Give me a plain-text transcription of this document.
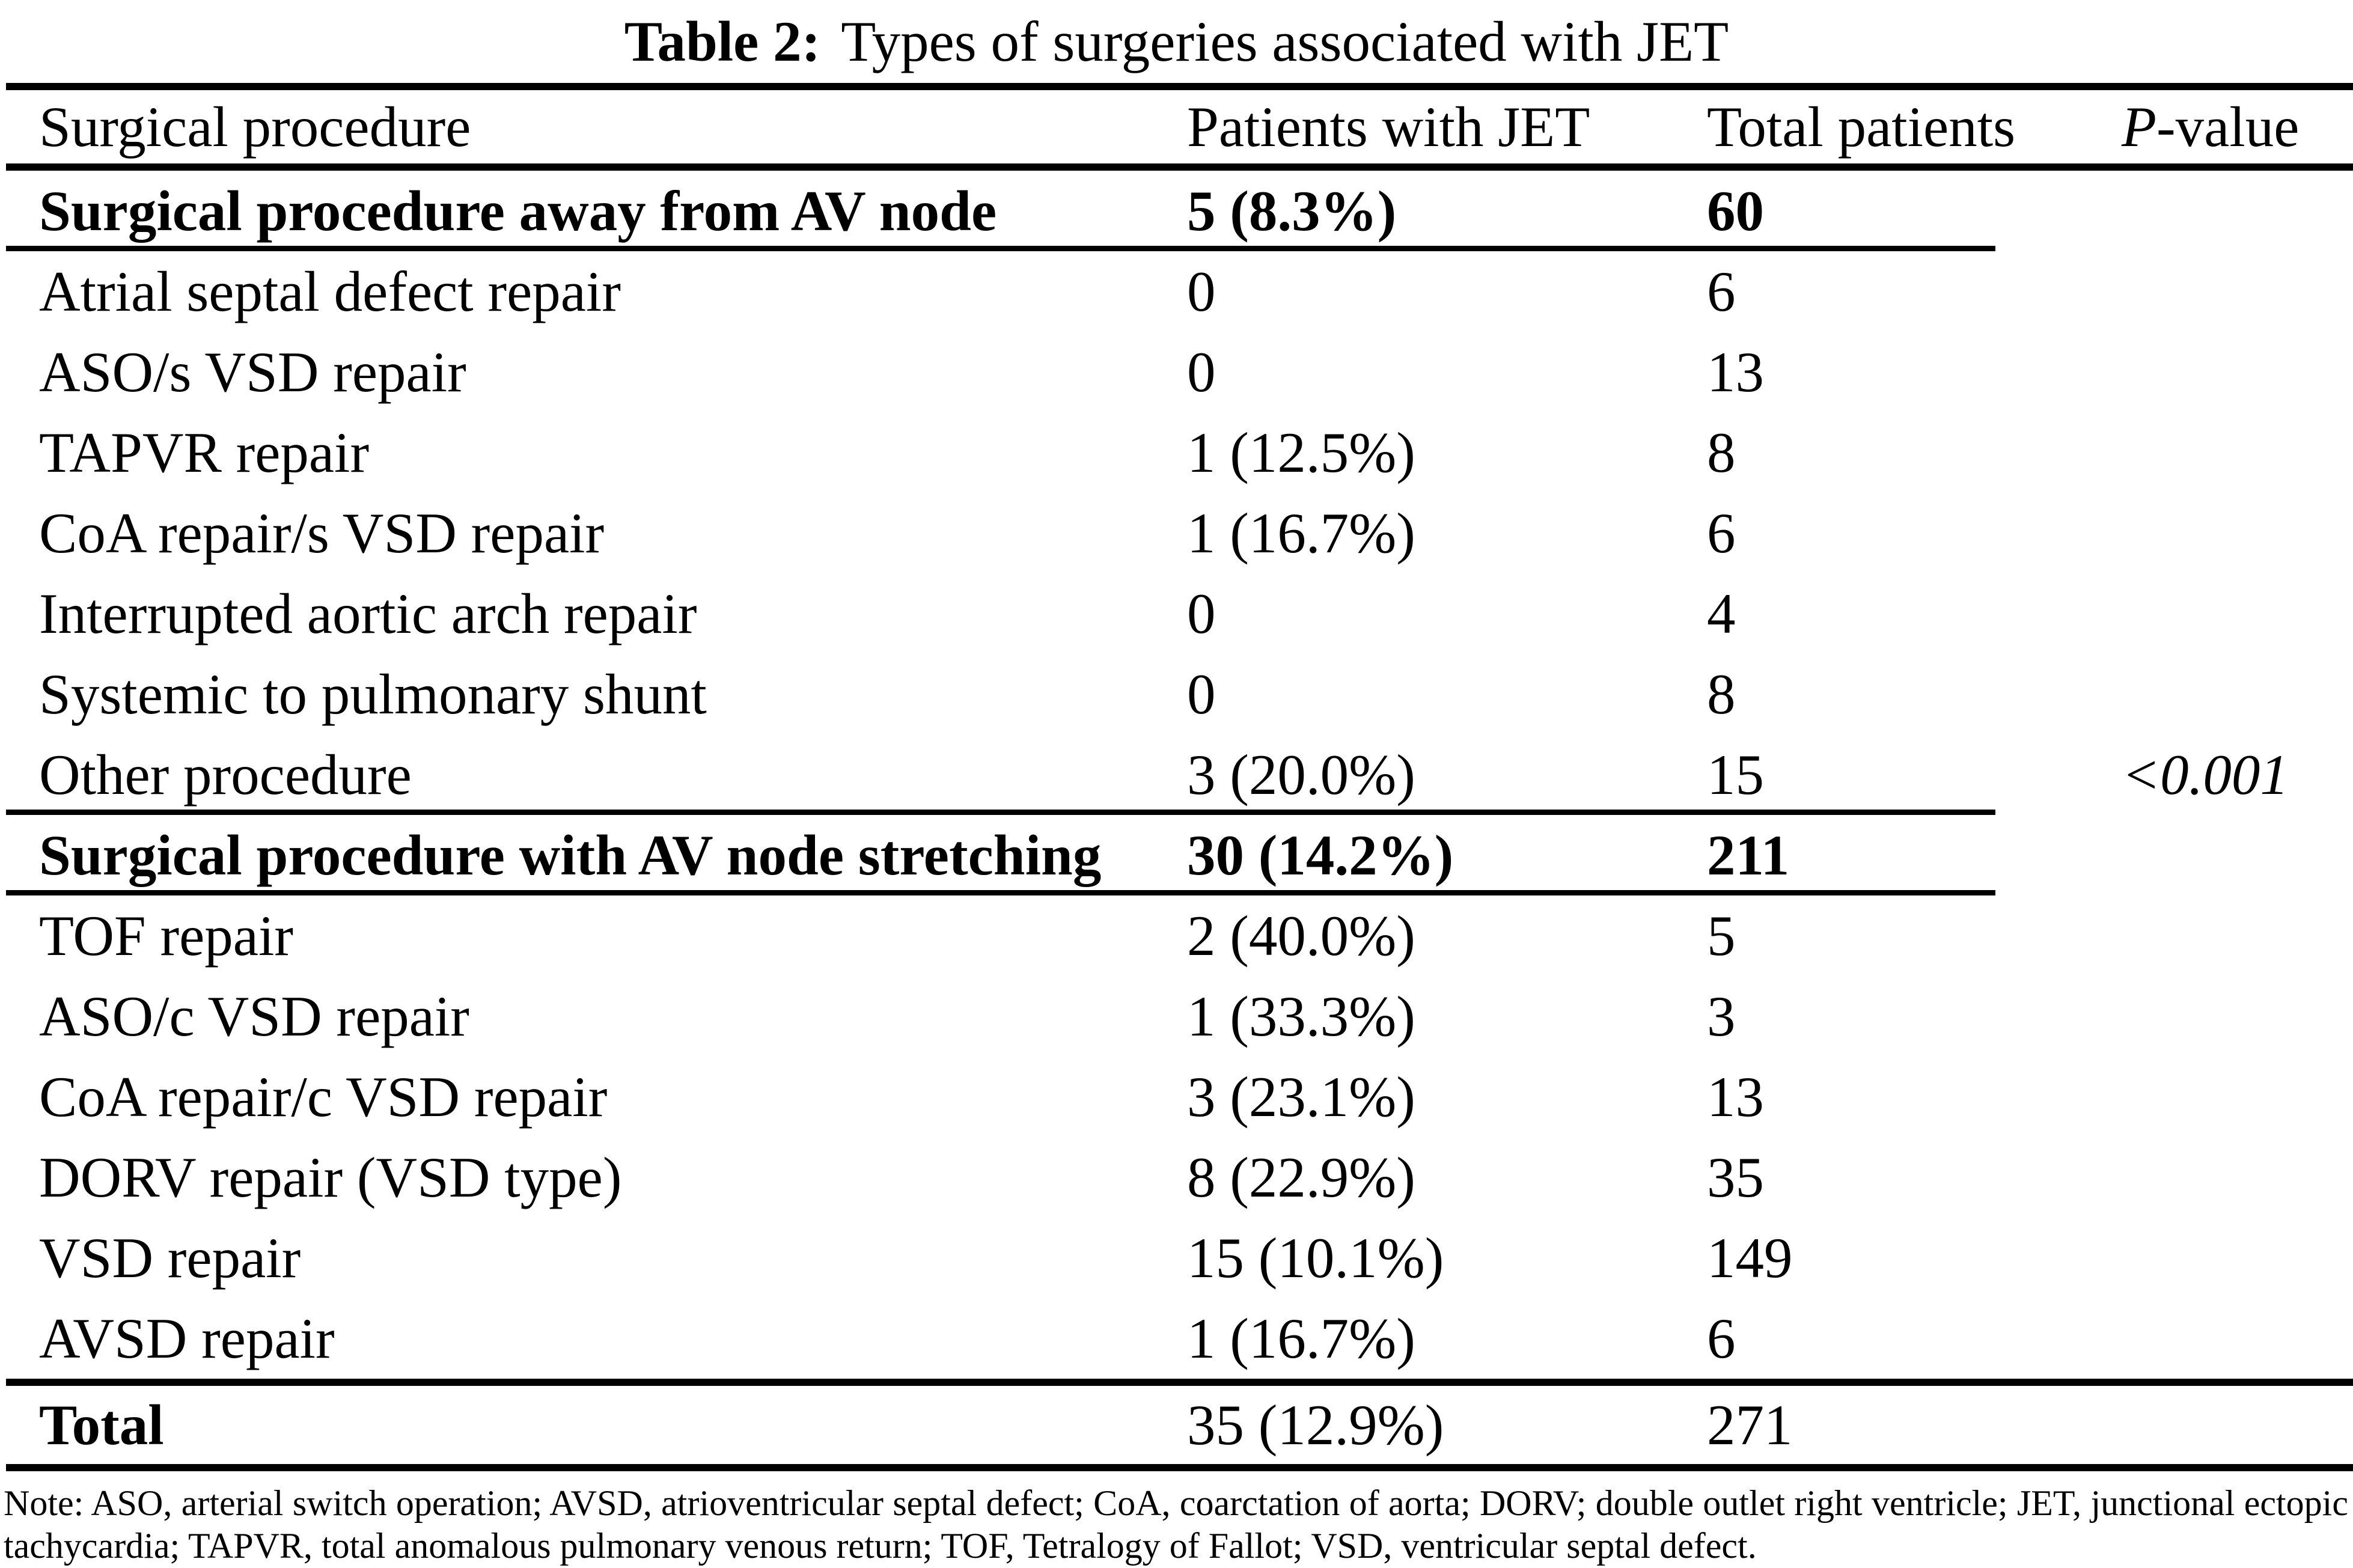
Table 2: Types of surgeries associated with JET
Surgical procedure	Patients with JET	Total patients	P-value
Surgical procedure away from AV node	5 (8.3%)	60
Atrial septal defect repair	0	6
ASO/s VSD repair	0	13
TAPVR repair	1 (12.5%)	8
CoA repair/s VSD repair	1 (16.7%)	6
Interrupted aortic arch repair	0	4
Systemic to pulmonary shunt	0	8
Other procedure	3 (20.0%)	15	<0.001
Surgical procedure with AV node stretching	30 (14.2%)	211
TOF repair	2 (40.0%)	5
ASO/c VSD repair	1 (33.3%)	3
CoA repair/c VSD repair	3 (23.1%)	13
DORV repair (VSD type)	8 (22.9%)	35
VSD repair	15 (10.1%)	149
AVSD repair	1 (16.7%)	6
Total	35 (12.9%)	271

Note: ASO, arterial switch operation; AVSD, atrioventricular septal defect; CoA, coarctation of aorta; DORV; double outlet right ventricle; JET, junctional ectopic tachycardia; TAPVR, total anomalous pulmonary venous return; TOF, Tetralogy of Fallot; VSD, ventricular septal defect.
